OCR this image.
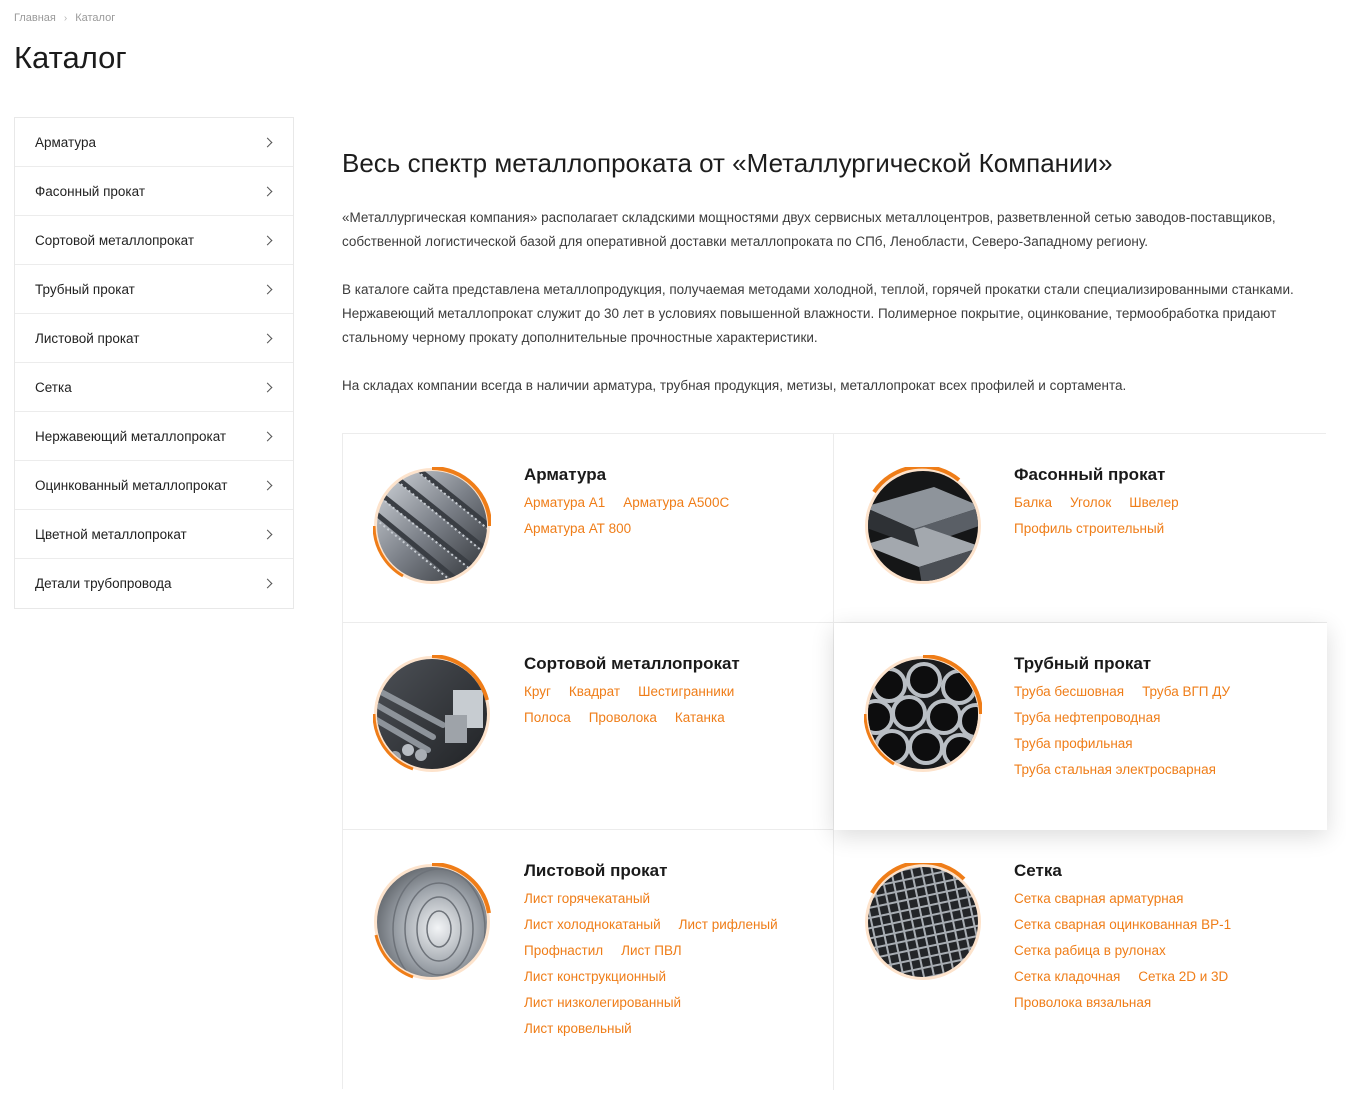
Главная › Каталог
Каталог
Арматура
Фасонный прокат
Сортовой металлопрокат
Трубный прокат
Листовой прокат
Сетка
Нержавеющий металлопрокат
Оцинкованный металлопрокат
Цветной металлопрокат
Детали трубопровода
Весь спектр металлопроката от «Металлургической Компании»

«Металлургическая компания» располагает складскими мощностями двух сервисных металлоцентров, разветвленной сетью заводов-поставщиков, собственной логистической базой для оперативной доставки металлопроката по СПб, Ленобласти, Северо-Западному региону.

В каталоге сайта представлена металлопродукция, получаемая методами холодной, теплой, горячей прокатки стали специализированными станками. Нержавеющий металлопрокат служит до 30 лет в условиях повышенной влажности. Полимерное покрытие, оцинкование, термообработка придают стальному черному прокату дополнительные прочностные характеристики.

На складах компании всегда в наличии арматура, трубная продукция, метизы, металлопрокат всех профилей и сортамента.

Арматура
Арматура А1 Арматура А500С
Арматура АТ 800
Фасонный прокат
Балка Уголок Швелер
Профиль строительный
Сортовой металлопрокат
Круг Квадрат Шестигранники
Полоса Проволока Катанка
Трубный прокат
Труба бесшовная Труба ВГП ДУ
Труба нефтепроводная
Труба профильная
Труба стальная электросварная
Листовой прокат
Лист горячекатаный
Лист холоднокатаный Лист рифленый
Профнастил Лист ПВЛ
Лист конструкционный
Лист низколегированный
Лист кровельный
Сетка
Сетка сварная арматурная
Сетка сварная оцинкованная ВР-1
Сетка рабица в рулонах
Сетка кладочная Сетка 2D и 3D
Проволока вязальная
